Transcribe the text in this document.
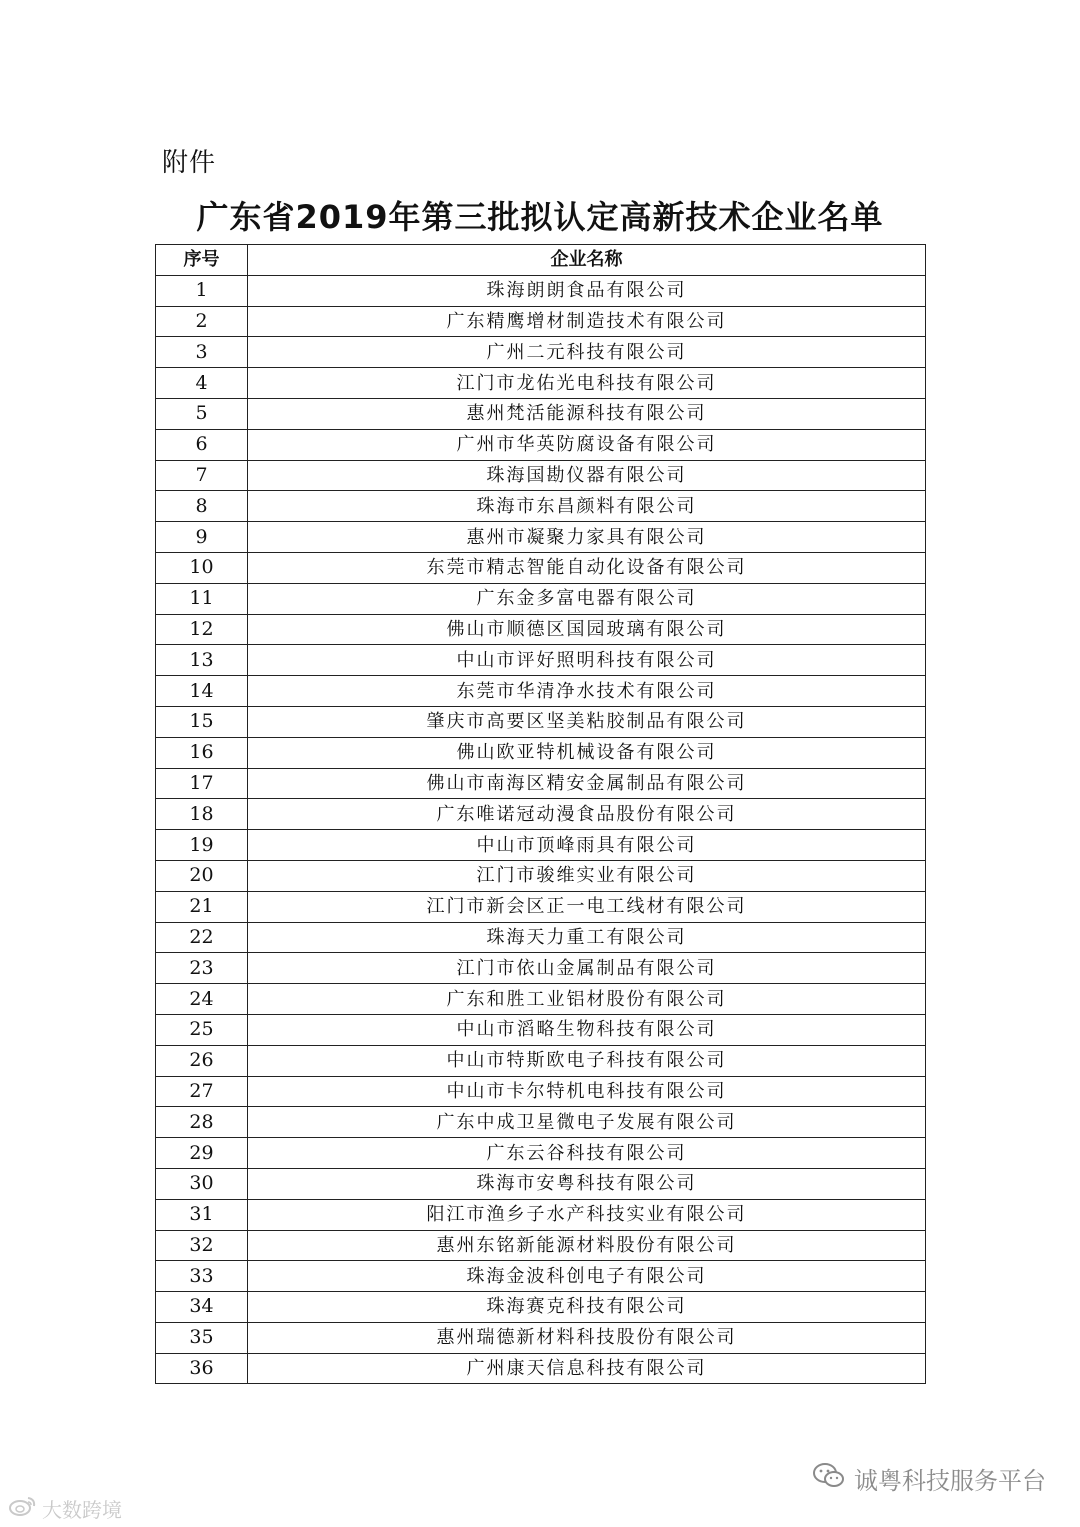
附件
广东省2019年第三批拟认定高新技术企业名单
序号	企业名称
1	珠海朗朗食品有限公司
2	广东精鹰增材制造技术有限公司
3	广州二元科技有限公司
4	江门市龙佑光电科技有限公司
5	惠州梵活能源科技有限公司
6	广州市华英防腐设备有限公司
7	珠海国勘仪器有限公司
8	珠海市东昌颜料有限公司
9	惠州市凝聚力家具有限公司
10	东莞市精志智能自动化设备有限公司
11	广东金多富电器有限公司
12	佛山市顺德区国园玻璃有限公司
13	中山市评好照明科技有限公司
14	东莞市华清净水技术有限公司
15	肇庆市高要区坚美粘胶制品有限公司
16	佛山欧亚特机械设备有限公司
17	佛山市南海区精安金属制品有限公司
18	广东唯诺冠动漫食品股份有限公司
19	中山市顶峰雨具有限公司
20	江门市骏维实业有限公司
21	江门市新会区正一电工线材有限公司
22	珠海天力重工有限公司
23	江门市依山金属制品有限公司
24	广东和胜工业铝材股份有限公司
25	中山市滔略生物科技有限公司
26	中山市特斯欧电子科技有限公司
27	中山市卡尔特机电科技有限公司
28	广东中成卫星微电子发展有限公司
29	广东云谷科技有限公司
30	珠海市安粤科技有限公司
31	阳江市渔乡子水产科技实业有限公司
32	惠州东铭新能源材料股份有限公司
33	珠海金波科创电子有限公司
34	珠海赛克科技有限公司
35	惠州瑞德新材料科技股份有限公司
36	广州康天信息科技有限公司
大数跨境
诚粤科技服务平台
